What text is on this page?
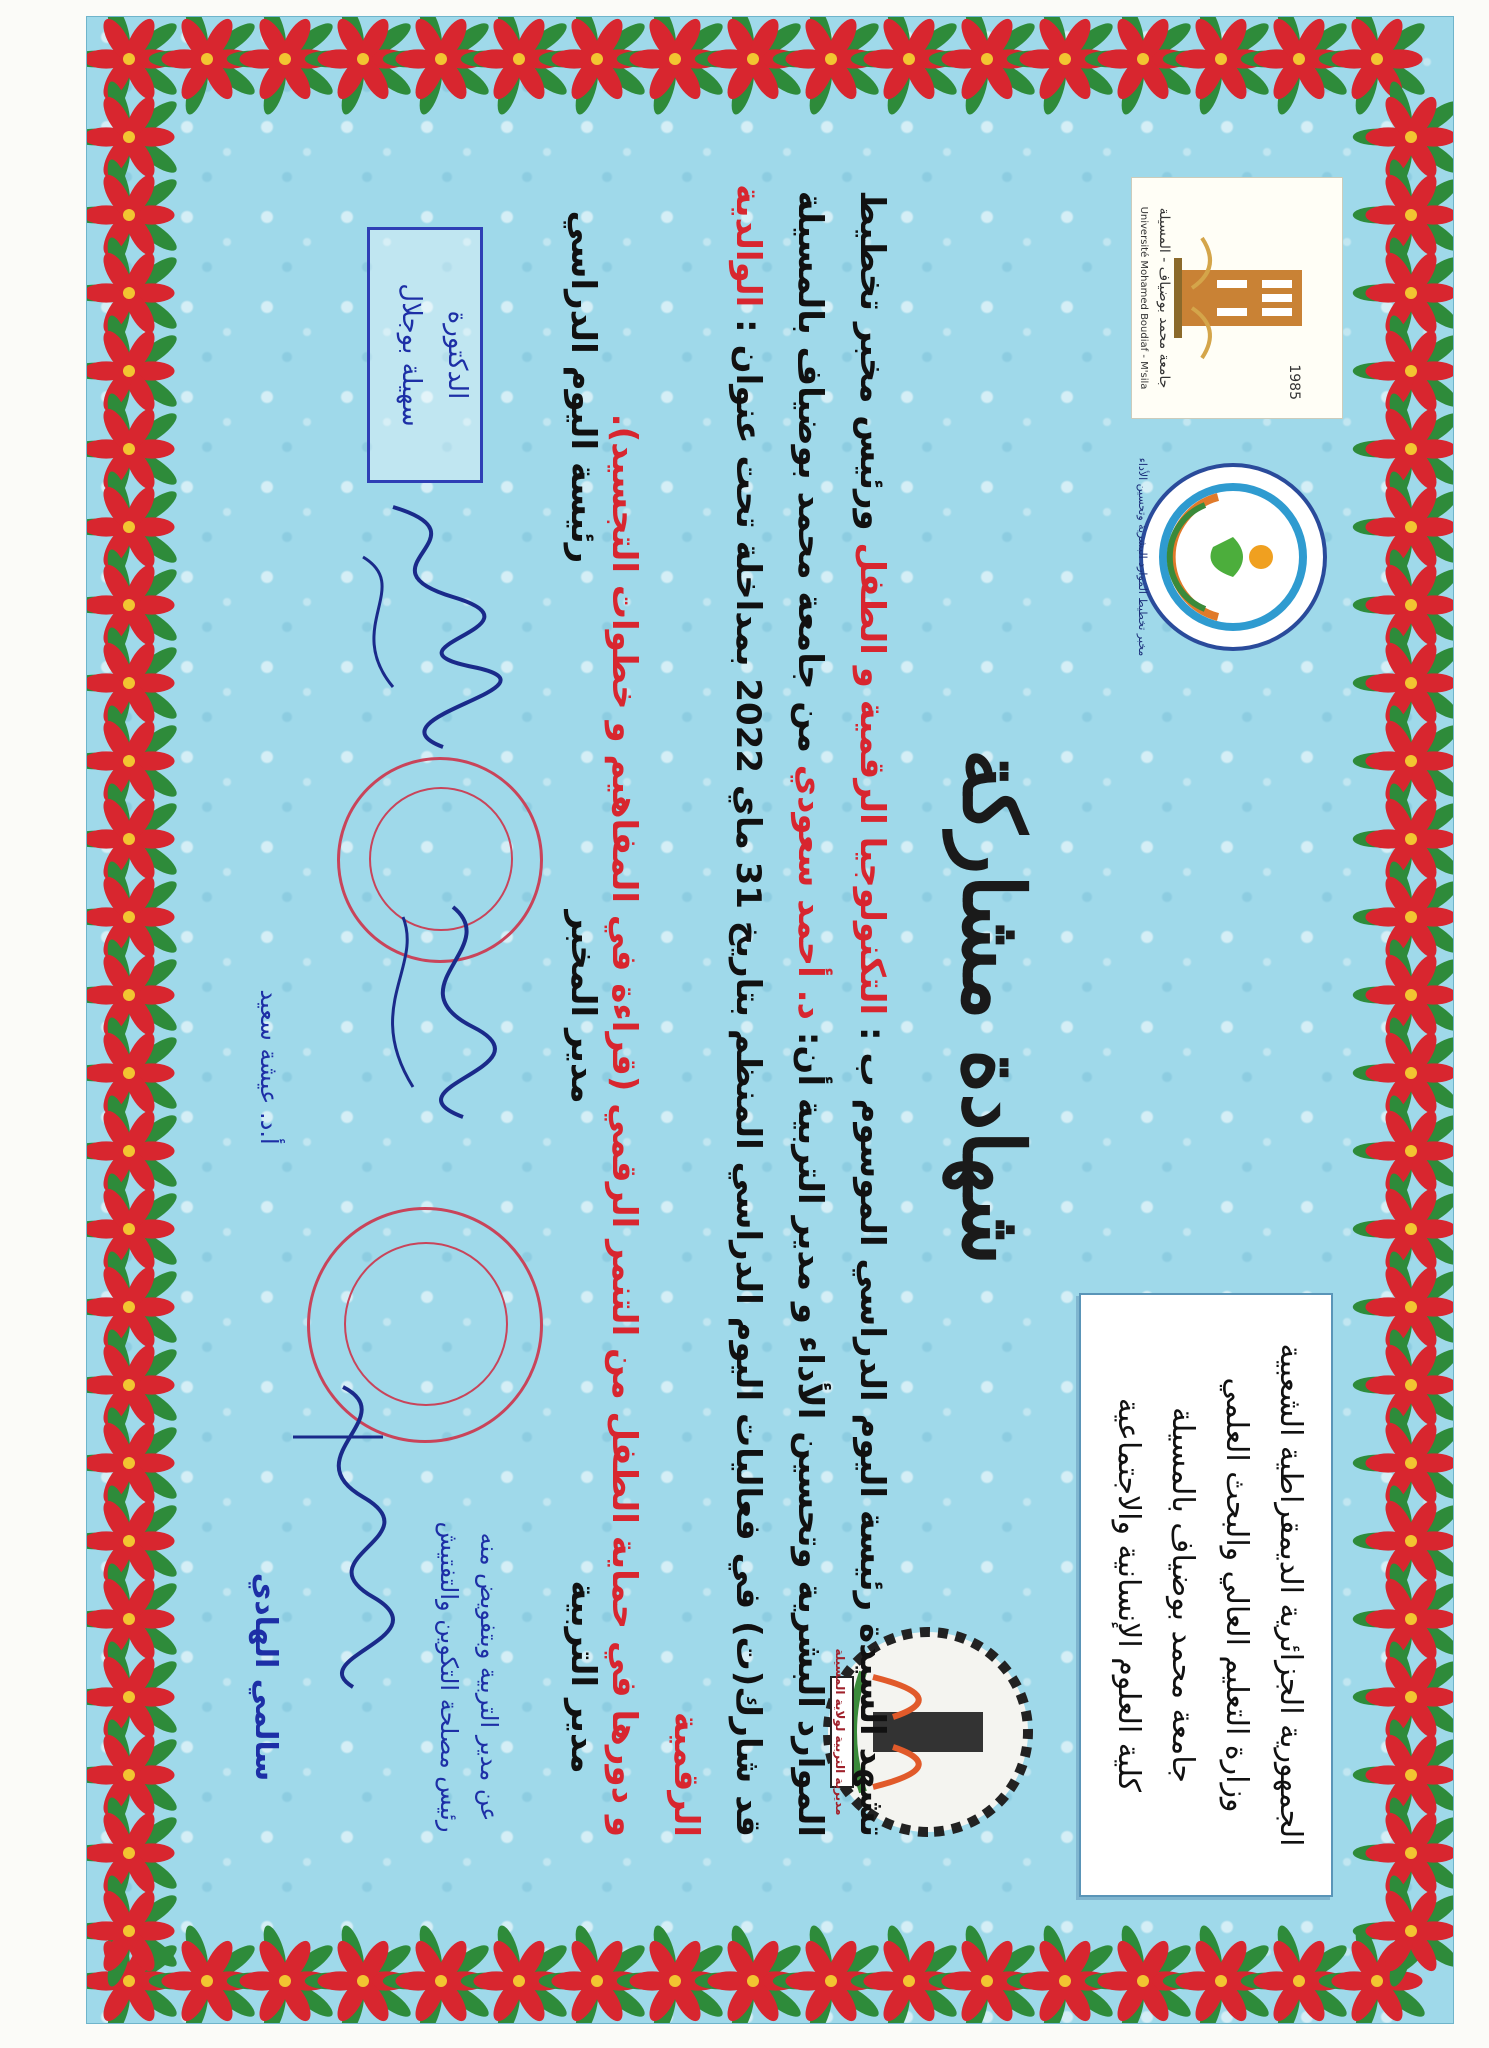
الجمهورية الجزائرية الديمقراطية الشعبية
وزارة التعليم العالي والبحث العلمي
جامعة محمد بوضياف بالمسيلة
كلية العلوم الإنسانية والاجتماعية
1985
جامعة محمد بوضياف - المسيلة
Université Mohamed Boudiaf - M'sila
مخبر تخطيط الموارد البشرية وتحسين الأداء
شهادة مشاركة
مديرية التربية لولاية المسيلة تشهد السيدة رئيسة اليوم الدراسي الموسوم ب : التكنولوجيا الرقمية و الطفل ورئيس مخبر تخطيط
الموارد البشرية وتحسين الأداء و مدير التربية أن: د. أحمد سعودي من جامعة محمد بوضياف بالمسيلة
قد شارك(ت) في فعاليات اليوم الدراسي المنظم بتاريخ 31 ماي 2022 بمداخلة تحت عنوان : الوالدية الرقمية
و دورها في حماية الطفل من التنمر الرقمي (قراءة في المفاهيم و خطوات التجسيد).
رئيسة اليوم الدراسي
الدكتورة
سهيلة بوجلال
مدير المخبر
أ.د. عيشة سعيد
مدير التربية
عن مدير التربية وبتفويض منه
رئيس مصلحة التكوين والتفتيش
سالمي الهادي
